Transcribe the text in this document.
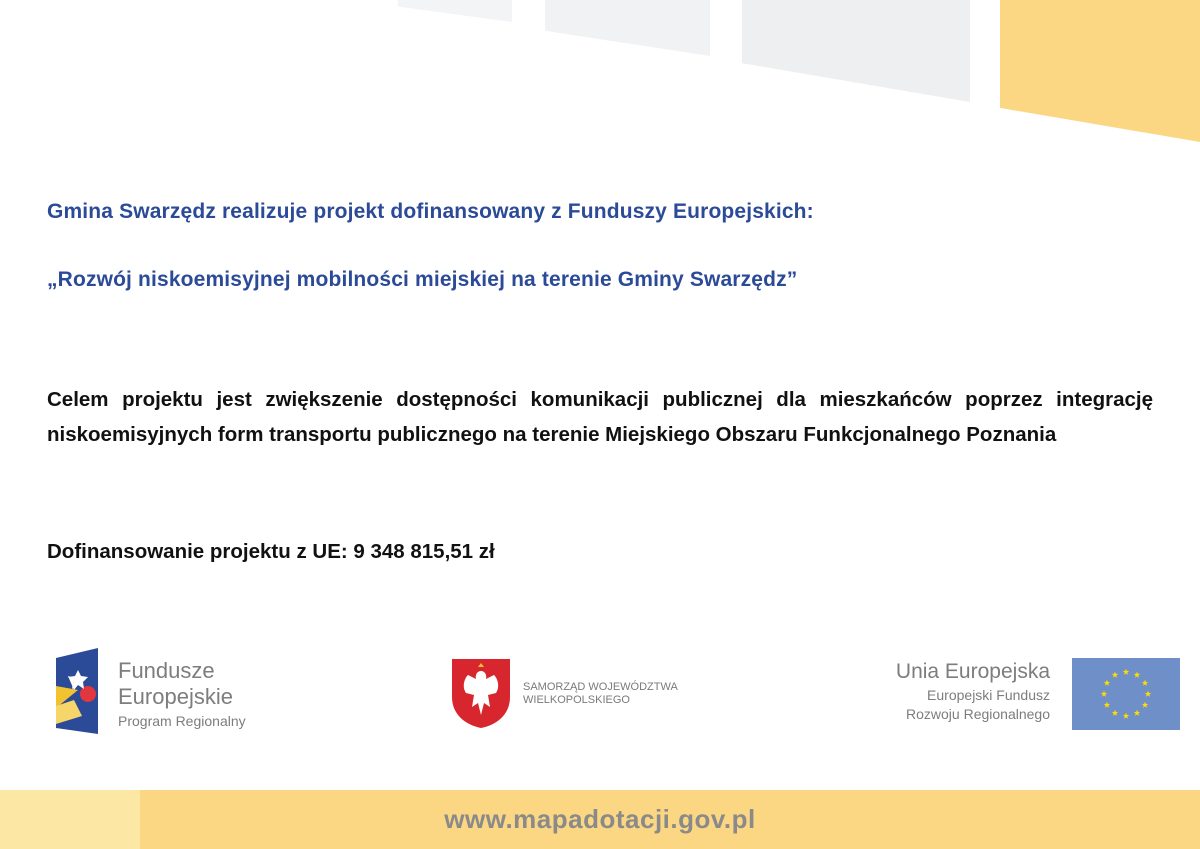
Gmina Swarzędz realizuje projekt dofinansowany z Funduszy Europejskich:
„Rozwój niskoemisyjnej mobilności miejskiej na terenie Gminy Swarzędz”

Celem projektu jest zwiększenie dostępności komunikacji publicznej dla mieszkańców poprzez integrację niskoemisyjnych form transportu publicznego na terenie Miejskiego Obszaru Funkcjonalnego Poznania

Dofinansowanie projektu z UE: 9 348 815,51 zł

Fundusze
Europejskie
Program Regionalny
SAMORZĄD WOJEWÓDZTWA
WIELKOPOLSKIEGO
Unia Europejska
Europejski Fundusz
Rozwoju Regionalnego
www.mapadotacji.gov.pl
